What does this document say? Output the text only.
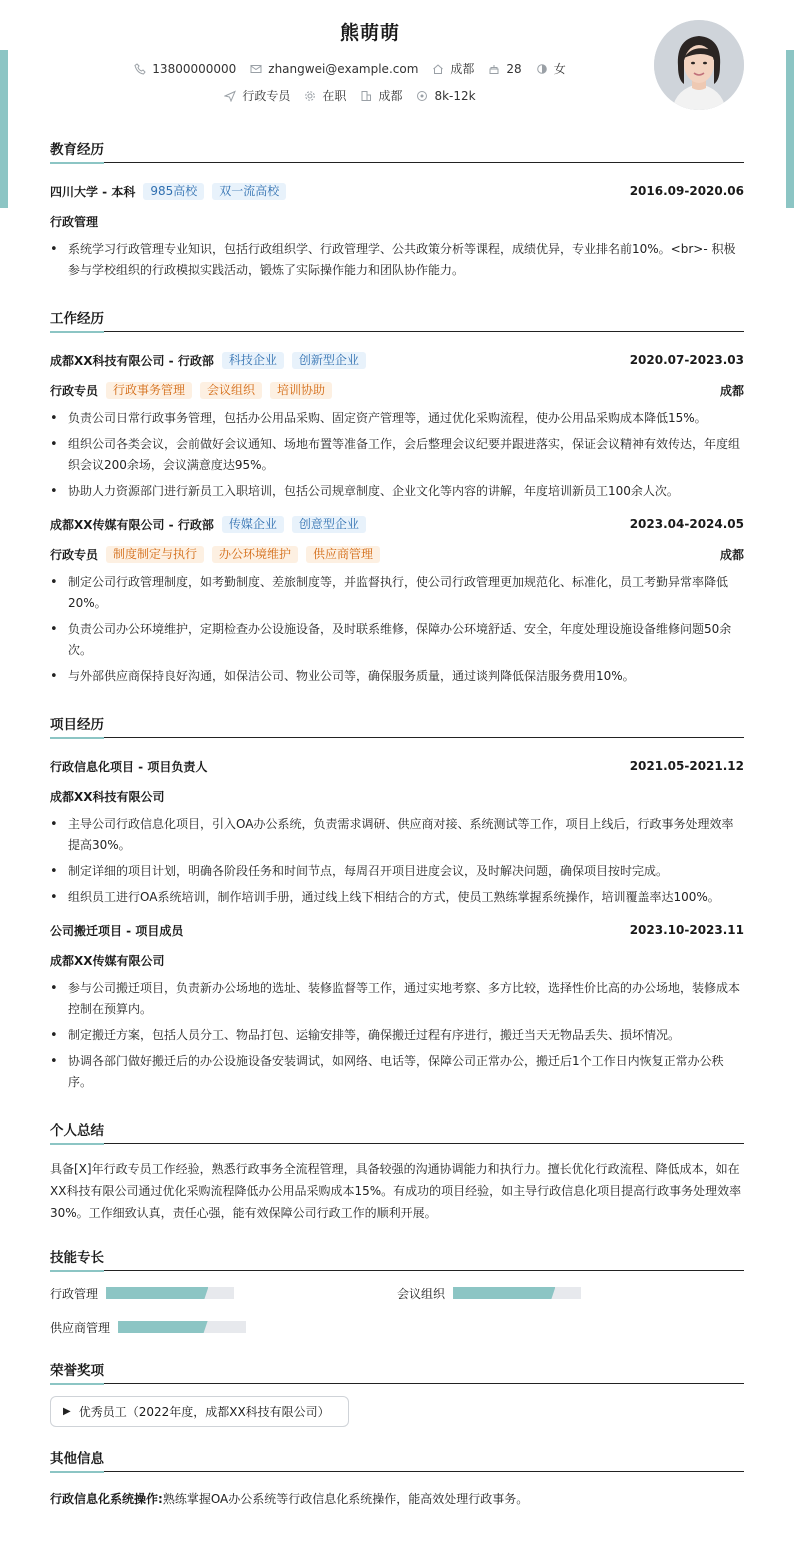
熊萌萌
13800000000	zhangwei@example.com	成都	28	女
行政专员	在职	成都	8k-12k
教育经历
四川大学 - 本科	985高校	双一流高校	2016.09-2020.06
行政管理
• 系统学习行政管理专业知识，包括行政组织学、行政管理学、公共政策分析等课程，成绩优异，专业排名前10%。<br>- 积极参与学校组织的行政模拟实践活动，锻炼了实际操作能力和团队协作能力。
工作经历
成都XX科技有限公司 - 行政部	科技企业	创新型企业	2020.07-2023.03
行政专员	行政事务管理	会议组织	培训协助	成都
• 负责公司日常行政事务管理，包括办公用品采购、固定资产管理等，通过优化采购流程，使办公用品采购成本降低15%。
• 组织公司各类会议，会前做好会议通知、场地布置等准备工作，会后整理会议纪要并跟进落实，保证会议精神有效传达，年度组织会议200余场，会议满意度达95%。
• 协助人力资源部门进行新员工入职培训，包括公司规章制度、企业文化等内容的讲解，年度培训新员工100余人次。
成都XX传媒有限公司 - 行政部	传媒企业	创意型企业	2023.04-2024.05
行政专员	制度制定与执行	办公环境维护	供应商管理	成都
• 制定公司行政管理制度，如考勤制度、差旅制度等，并监督执行，使公司行政管理更加规范化、标准化，员工考勤异常率降低20%。
• 负责公司办公环境维护，定期检查办公设施设备，及时联系维修，保障办公环境舒适、安全，年度处理设施设备维修问题50余次。
• 与外部供应商保持良好沟通，如保洁公司、物业公司等，确保服务质量，通过谈判降低保洁服务费用10%。
项目经历
行政信息化项目 - 项目负责人	2021.05-2021.12
成都XX科技有限公司
• 主导公司行政信息化项目，引入OA办公系统，负责需求调研、供应商对接、系统测试等工作，项目上线后，行政事务处理效率提高30%。
• 制定详细的项目计划，明确各阶段任务和时间节点，每周召开项目进度会议，及时解决问题，确保项目按时完成。
• 组织员工进行OA系统培训，制作培训手册，通过线上线下相结合的方式，使员工熟练掌握系统操作，培训覆盖率达100%。
公司搬迁项目 - 项目成员	2023.10-2023.11
成都XX传媒有限公司
• 参与公司搬迁项目，负责新办公场地的选址、装修监督等工作，通过实地考察、多方比较，选择性价比高的办公场地，装修成本控制在预算内。
• 制定搬迁方案，包括人员分工、物品打包、运输安排等，确保搬迁过程有序进行，搬迁当天无物品丢失、损坏情况。
• 协调各部门做好搬迁后的办公设施设备安装调试，如网络、电话等，保障公司正常办公，搬迁后1个工作日内恢复正常办公秩序。
个人总结
具备[X]年行政专员工作经验，熟悉行政事务全流程管理，具备较强的沟通协调能力和执行力。擅长优化行政流程、降低成本，如在XX科技有限公司通过优化采购流程降低办公用品采购成本15%。有成功的项目经验，如主导行政信息化项目提高行政事务处理效率30%。工作细致认真，责任心强，能有效保障公司行政工作的顺利开展。
技能专长
行政管理	会议组织
供应商管理
荣誉奖项
▶ 优秀员工（2022年度，成都XX科技有限公司）
其他信息
行政信息化系统操作:熟练掌握OA办公系统等行政信息化系统操作，能高效处理行政事务。
